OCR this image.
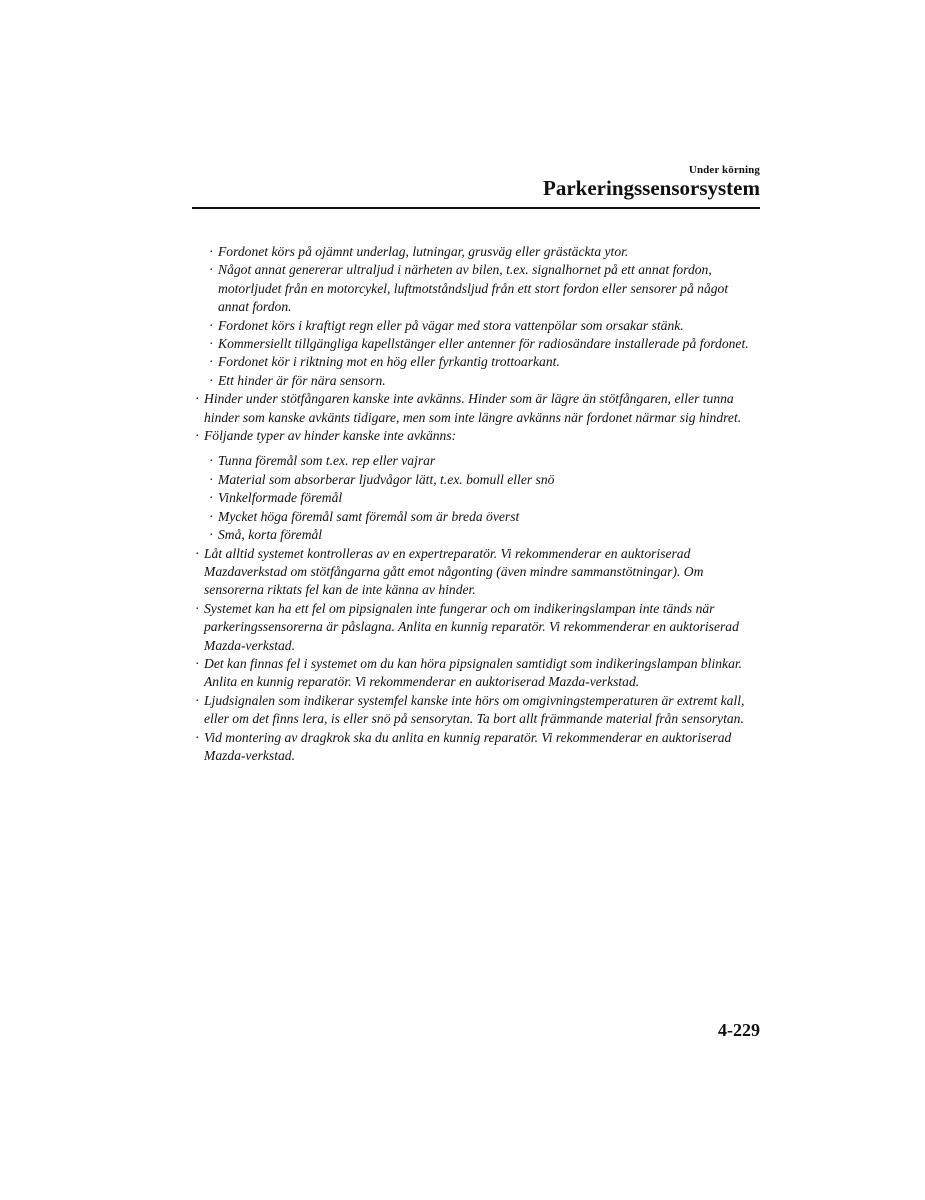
Under körning
Parkeringssensorsystem
· Fordonet körs på ojämnt underlag, lutningar, grusväg eller grästäckta ytor.
· Något annat genererar ultraljud i närheten av bilen, t.ex. signalhornet på ett annat fordon, motorljudet från en motorcykel, luftmotståndsljud från ett stort fordon eller sensorer på något annat fordon.
· Fordonet körs i kraftigt regn eller på vägar med stora vattenpölar som orsakar stänk.
· Kommersiellt tillgängliga kapellstänger eller antenner för radiosändare installerade på fordonet.
· Fordonet kör i riktning mot en hög eller fyrkantig trottoarkant.
· Ett hinder är för nära sensorn.
· Hinder under stötfångaren kanske inte avkänns. Hinder som är lägre än stötfångaren, eller tunna hinder som kanske avkänts tidigare, men som inte längre avkänns när fordonet närmar sig hindret.
· Följande typer av hinder kanske inte avkänns:
· Tunna föremål som t.ex. rep eller vajrar
· Material som absorberar ljudvågor lätt, t.ex. bomull eller snö
· Vinkelformade föremål
· Mycket höga föremål samt föremål som är breda överst
· Små, korta föremål
· Låt alltid systemet kontrolleras av en expertreparatör. Vi rekommenderar en auktoriserad Mazdaverkstad om stötfångarna gått emot någonting (även mindre sammanstötningar). Om sensorerna riktats fel kan de inte känna av hinder.
· Systemet kan ha ett fel om pipsignalen inte fungerar och om indikeringslampan inte tänds när parkeringssensorerna är påslagna. Anlita en kunnig reparatör. Vi rekommenderar en auktoriserad Mazda-verkstad.
· Det kan finnas fel i systemet om du kan höra pipsignalen samtidigt som indikeringslampan blinkar. Anlita en kunnig reparatör. Vi rekommenderar en auktoriserad Mazda-verkstad.
· Ljudsignalen som indikerar systemfel kanske inte hörs om omgivningstemperaturen är extremt kall, eller om det finns lera, is eller snö på sensorytan. Ta bort allt främmande material från sensorytan.
· Vid montering av dragkrok ska du anlita en kunnig reparatör. Vi rekommenderar en auktoriserad Mazda-verkstad.
4-229
